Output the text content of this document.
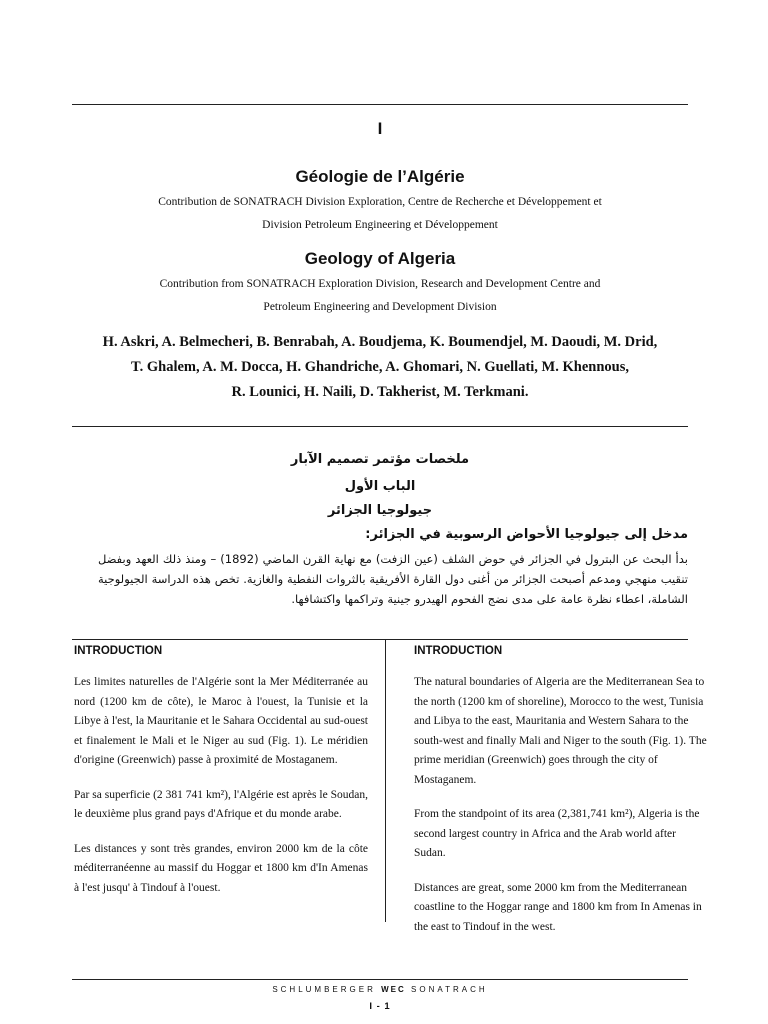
I
Géologie de l’Algérie
Contribution de SONATRACH Division Exploration, Centre de Recherche et Développement et
Division Petroleum Engineering et Développement
Geology of Algeria
Contribution from SONATRACH Exploration Division, Research and Development Centre and
Petroleum Engineering and Development Division
H. Askri, A. Belmecheri, B. Benrabah, A. Boudjema, K. Boumendjel, M. Daoudi, M. Drid,
T. Ghalem, A. M. Docca, H. Ghandriche, A. Ghomari, N. Guellati, M. Khennous,
R. Lounici, H. Naili, D. Takherist, M. Terkmani.
ملخصات مؤتمر تصميم الآبار
الباب الأول
جيولوجيا الجزائر
مدخل إلى جيولوجيا الأحواض الرسوبية في الجزائر:
بدأ البحث عن البترول في الجزائر في حوض الشلف (عين الزفت) مع نهاية القرن الماضي (1892) – ومنذ ذلك العهد وبفضل تنقيب منهجي ومدعم أصبحت الجزائر من أغنى دول القارة الأفريقية بالثروات النفطية والغازية. تخص هذه الدراسة الجيولوجية الشاملة، اعطاء نظرة عامة على مدى نضج الفحوم الهيدرو جينية وتراكمها واكتشافها.
INTRODUCTION

Les limites naturelles de l'Algérie sont la Mer Méditerranée au nord (1200 km de côte), le Maroc à l'ouest, la Tunisie et la Libye à l'est, la Mauritanie et le Sahara Occidental au sud-ouest et finalement le Mali et le Niger au sud (Fig. 1). Le méridien d'origine (Greenwich) passe à proximité de Mostaganem.

Par sa superficie (2 381 741 km²), l'Algérie est après le Soudan, le deuxième plus grand pays d'Afrique et du monde arabe.

Les distances y sont très grandes, environ 2000 km de la côte méditerranéenne au massif du Hoggar et 1800 km d'In Amenas à l'est jusqu' à Tindouf à l'ouest.

INTRODUCTION

The natural boundaries of Algeria are the Mediterranean Sea to the north (1200 km of shoreline), Morocco to the west, Tunisia and Libya to the east, Mauritania and Western Sahara to the south-west and finally Mali and Niger to the south (Fig. 1). The prime meridian (Greenwich) goes through the city of Mostaganem.

From the standpoint of its area (2,381,741 km²), Algeria is the second largest country in Africa and the Arab world after Sudan.

Distances are great, some 2000 km from the Mediterranean coastline to the Hoggar range and 1800 km from In Amenas in the east to Tindouf in the west.

SCHLUMBERGER WEC SONATRACH
I - 1
